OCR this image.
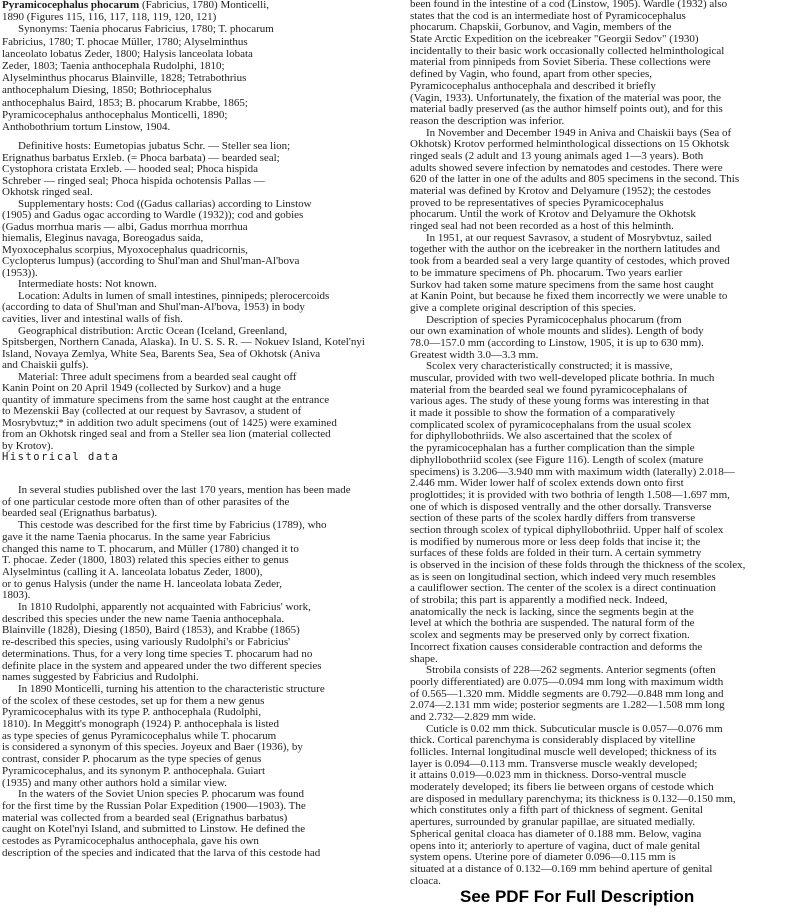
Pyramicocephalus phocarum (Fabricius, 1780) Monticelli,
1890 (Figures 115, 116, 117, 118, 119, 120, 121)
Synonyms: Taenia phocarus Fabricius, 1780; T. phocarum
Fabricius, 1780; T. phocae Müller, 1780; Alyselminthus
lanceolato lobatus Zeder, 1800; Halysis lanceolata lobata
Zeder, 1803; Taenia anthocephala Rudolphi, 1810;
Alyselminthus phocarus Blainville, 1828; Tetrabothrius
anthocephalum Diesing, 1850; Bothriocephalus
anthocephalus Baird, 1853; B. phocarum Krabbe, 1865;
Pyramicocephalus anthocephalus Monticelli, 1890;
Anthobothrium tortum Linstow, 1904.
Definitive hosts: Eumetopias jubatus Schr. — Steller sea lion;
Erignathus barbatus Erxleb. (= Phoca barbata) — bearded seal;
Cystophora cristata Erxleb. — hooded seal; Phoca hispida
Schreber — ringed seal; Phoca hispida ochotensis Pallas —
Okhotsk ringed seal.
Supplementary hosts: Cod ((Gadus callarias) according to Linstow
(1905) and Gadus ogac according to Wardle (1932)); cod and gobies
(Gadus morrhua maris — albi, Gadus morrhua morrhua
hiemalis, Eleginus navaga, Boreogadus saida,
Myoxocephalus scorpius, Myoxocephalus quadricornis,
Cyclopterus lumpus) (according to Shul'man and Shul'man-Al'bova
(1953)).
Intermediate hosts: Not known.
Location: Adults in lumen of small intestines, pinnipeds; plerocercoids
(according to data of Shul'man and Shul'man-Al'bova, 1953) in body
cavities, liver and intestinal walls of fish.
Geographical distribution: Arctic Ocean (Iceland, Greenland,
Spitsbergen, Northern Canada, Alaska). In U. S. S. R. — Nokuev Island, Kotel'nyi
Island, Novaya Zemlya, White Sea, Barents Sea, Sea of Okhotsk (Aniva
and Chaiskii gulfs).
Material: Three adult specimens from a bearded seal caught off
Kanin Point on 20 April 1949 (collected by Surkov) and a huge
quantity of immature specimens from the same host caught at the entrance
to Mezenskii Bay (collected at our request by Savrasov, a student of
Mosrybvtuz;* in addition two adult specimens (out of 1425) were examined
from an Okhotsk ringed seal and from a Steller sea lion (material collected
by Krotov).
Historical data
In several studies published over the last 170 years, mention has been made
of one particular cestode more often than of other parasites of the
bearded seal (Erignathus barbatus).
This cestode was described for the first time by Fabricius (1789), who
gave it the name Taenia phocarus. In the same year Fabricius
changed this name to T. phocarum, and Müller (1780) changed it to
T. phocae. Zeder (1800, 1803) related this species either to genus
Alyselmintus (calling it A. lanceolata lobatus Zeder, 1800),
or to genus Halysis (under the name H. lanceolata lobata Zeder,
1803).
In 1810 Rudolphi, apparently not acquainted with Fabricius' work,
described this species under the new name Taenia anthocephala.
Blainville (1828), Diesing (1850), Baird (1853), and Krabbe (1865)
re-described this species, using variously Rudolphi's or Fabricius'
determinations. Thus, for a very long time species T. phocarum had no
definite place in the system and appeared under the two different species
names suggested by Fabricius and Rudolphi.
In 1890 Monticelli, turning his attention to the characteristic structure
of the scolex of these cestodes, set up for them a new genus
Pyramicocephalus with its type P. anthocephala (Rudolphi,
1810). In Meggitt's monograph (1924) P. anthocephala is listed
as type species of genus Pyramicocephalus while T. phocarum
is considered a synonym of this species. Joyeux and Baer (1936), by
contrast, consider P. phocarum as the type species of genus
Pyramicocephalus, and its synonym P. anthocephala. Guiart
(1935) and many other authors hold a similar view.
In the waters of the Soviet Union species P. phocarum was found
for the first time by the Russian Polar Expedition (1900—1903). The
material was collected from a bearded seal (Erignathus barbatus)
caught on Kotel'nyi Island, and submitted to Linstow. He defined the
cestodes as Pyramicocephalus anthocephala, gave his own
description of the species and indicated that the larva of this cestode had
been found in the intestine of a cod (Linstow, 1905). Wardle (1932) also
states that the cod is an intermediate host of Pyramicocephalus
phocarum. Chapskii, Gorbunov, and Vagin, members of the
State Arctic Expedition on the icebreaker "Georgii Sedov" (1930)
incidentally to their basic work occasionally collected helminthological
material from pinnipeds from Soviet Siberia. These collections were
defined by Vagin, who found, apart from other species,
Pyramicocephalus anthocephala and described it briefly
(Vagin, 1933). Unfortunately, the fixation of the material was poor, the
material badly preserved (as the author himself points out), and for this
reason the description was inferior.
In November and December 1949 in Aniva and Chaiskii bays (Sea of
Okhotsk) Krotov performed helminthological dissections on 15 Okhotsk
ringed seals (2 adult and 13 young animals aged 1—3 years). Both
adults showed severe infection by nematodes and cestodes. There were
620 of the latter in one of the adults and 805 specimens in the second. This
material was defined by Krotov and Delyamure (1952); the cestodes
proved to be representatives of species Pyramicocephalus
phocarum. Until the work of Krotov and Delyamure the Okhotsk
ringed seal had not been recorded as a host of this helminth.
In 1951, at our request Savrasov, a student of Mosrybvtuz, sailed
together with the author on the icebreaker in the northern latitudes and
took from a bearded seal a very large quantity of cestodes, which proved
to be immature specimens of Ph. phocarum. Two years earlier
Surkov had taken some mature specimens from the same host caught
at Kanin Point, but because he fixed them incorrectly we were unable to
give a complete original description of this species.
Description of species Pyramicocephalus phocarum (from
our own examination of whole mounts and slides). Length of body
78.0—157.0 mm (according to Linstow, 1905, it is up to 630 mm).
Greatest width 3.0—3.3 mm.
Scolex very characteristically constructed; it is massive,
muscular, provided with two well-developed plicate bothria. In much
material from the bearded seal we found pyramicocephalans of
various ages. The study of these young forms was interesting in that
it made it possible to show the formation of a comparatively
complicated scolex of pyramicocephalans from the usual scolex
for diphyllobothriids. We also ascertained that the scolex of
the pyramicocephalan has a further complication than the simple
diphyllobothriid scolex (see Figure 116). Length of scolex (mature
specimens) is 3.206—3.940 mm with maximum width (laterally) 2.018—
2.446 mm. Wider lower half of scolex extends down onto first
proglottides; it is provided with two bothria of length 1.508—1.697 mm,
one of which is disposed ventrally and the other dorsally. Transverse
section of these parts of the scolex hardly differs from transverse
section through scolex of typical diphyllobothriid. Upper half of scolex
is modified by numerous more or less deep folds that incise it; the
surfaces of these folds are folded in their turn. A certain symmetry
is observed in the incision of these folds through the thickness of the scolex,
as is seen on longitudinal section, which indeed very much resembles
a cauliflower section. The center of the scolex is a direct continuation
of strobila; this part is apparently a modified neck. Indeed,
anatomically the neck is lacking, since the segments begin at the
level at which the bothria are suspended. The natural form of the
scolex and segments may be preserved only by correct fixation.
Incorrect fixation causes considerable contraction and deforms the
shape.
Strobila consists of 228—262 segments. Anterior segments (often
poorly differentiated) are 0.075—0.094 mm long with maximum width
of 0.565—1.320 mm. Middle segments are 0.792—0.848 mm long and
2.074—2.131 mm wide; posterior segments are 1.282—1.508 mm long
and 2.732—2.829 mm wide.
Cuticle is 0.02 mm thick. Subcuticular muscle is 0.057—0.076 mm
thick. Cortical parenchyma is considerably displaced by vitelline
follicles. Internal longitudinal muscle well developed; thickness of its
layer is 0.094—0.113 mm. Transverse muscle weakly developed;
it attains 0.019—0.023 mm in thickness. Dorso-ventral muscle
moderately developed; its fibers lie between organs of cestode which
are disposed in medullary parenchyma; its thickness is 0.132—0.150 mm,
which constitutes only a fifth part of thickness of segment. Genital
apertures, surrounded by granular papillae, are situated medially.
Spherical genital cloaca has diameter of 0.188 mm. Below, vagina
opens into it; anteriorly to aperture of vagina, duct of male genital
system opens. Uterine pore of diameter 0.096—0.115 mm is
situated at a distance of 0.132—0.169 mm behind aperture of genital
cloaca.
See PDF For Full Description
